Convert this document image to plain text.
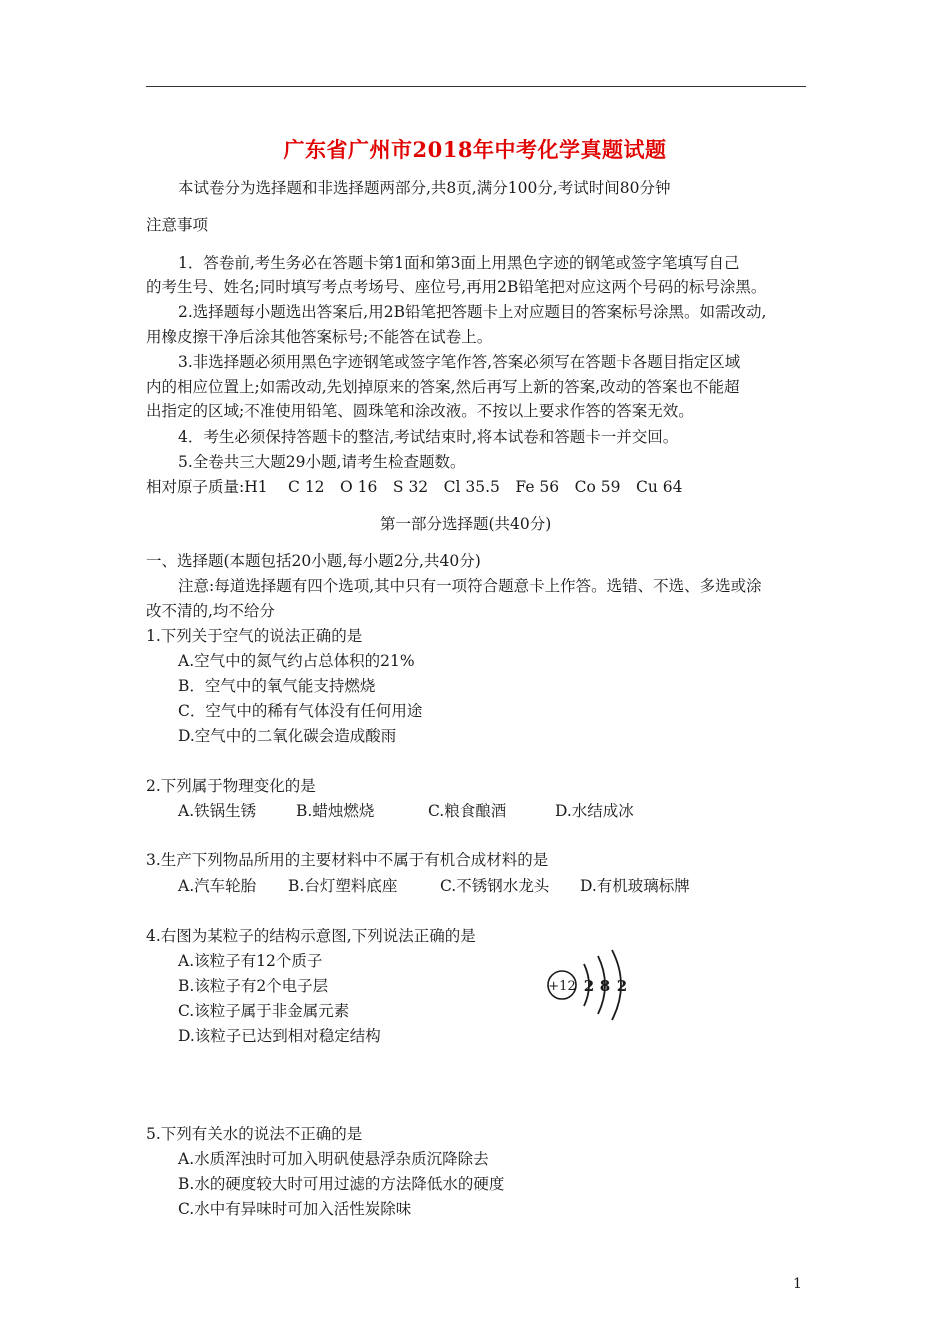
广东省广州市2018年中考化学真题试题
本试卷分为选择题和非选择题两部分,共8页,满分100分,考试时间80分钟
注意事项
1．答卷前,考生务必在答题卡第1面和第3面上用黑色字迹的钢笔或签字笔填写自己
的考生号、姓名;同时填写考点考场号、座位号,再用2B铅笔把对应这两个号码的标号涂黑。
2.选择题每小题选出答案后,用2B铅笔把答题卡上对应题目的答案标号涂黑。如需改动,
用橡皮擦干净后涂其他答案标号;不能答在试卷上。
3.非选择题必须用黑色字迹钢笔或签字笔作答,答案必须写在答题卡各题目指定区域
内的相应位置上;如需改动,先划掉原来的答案,然后再写上新的答案,改动的答案也不能超
出指定的区域;不准使用铅笔、圆珠笔和涂改液。不按以上要求作答的答案无效。
4．考生必须保持答题卡的整洁,考试结束时,将本试卷和答题卡一并交回。
5.全卷共三大题29小题,请考生检查题数。
相对原子质量:H1　 C 12　O 16　S 32　Cl 35.5　Fe 56　Co 59　Cu 64
第一部分选择题(共40分)
一、选择题(本题包括20小题,每小题2分,共40分)
注意:每道选择题有四个选项,其中只有一项符合题意卡上作答。选错、不选、多选或涂
改不清的,均不给分
1.下列关于空气的说法正确的是
A.空气中的氮气约占总体积的21%
B．空气中的氧气能支持燃烧
C．空气中的稀有气体没有任何用途
D.空气中的二氧化碳会造成酸雨
2.下列属于物理变化的是
A.铁锅生锈	B.蜡烛燃烧	C.粮食酿酒	D.水结成冰
3.生产下列物品所用的主要材料中不属于有机合成材料的是
A.汽车轮胎 B.台灯塑料底座	C.不锈钢水龙头 D.有机玻璃标牌
4.右图为某粒子的结构示意图,下列说法正确的是
A.该粒子有12个质子
B.该粒子有2个电子层
C.该粒子属于非金属元素
D.该粒子已达到相对稳定结构
+12 2 8 2
5.下列有关水的说法不正确的是
A.水质浑浊时可加入明矾使悬浮杂质沉降除去
B.水的硬度较大时可用过滤的方法降低水的硬度
C.水中有异味时可加入活性炭除味
1
